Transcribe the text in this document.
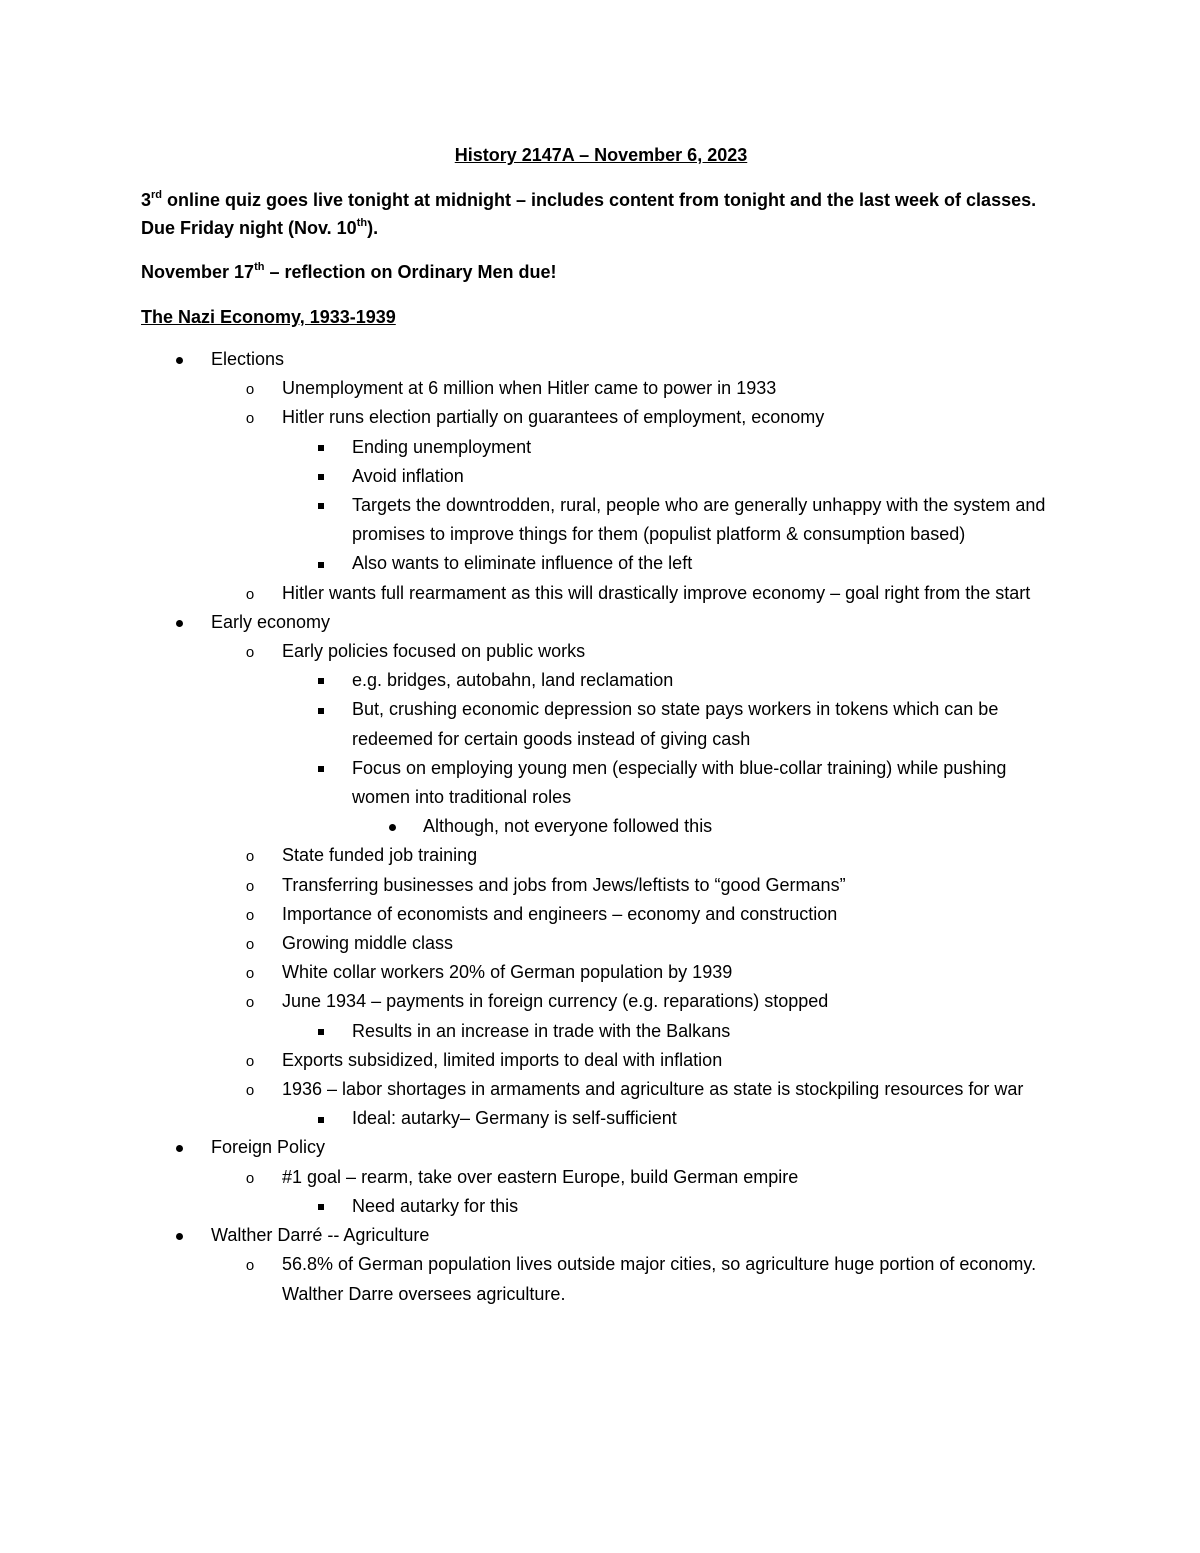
History 2147A – November 6, 2023

3rd online quiz goes live tonight at midnight – includes content from tonight and the last week of classes. Due Friday night (Nov. 10th).

November 17th – reflection on Ordinary Men due!

The Nazi Economy, 1933-1939
Elections
o	Unemployment at 6 million when Hitler came to power in 1933
o	Hitler runs election partially on guarantees of employment, economy
Ending unemployment
Avoid inflation
Targets the downtrodden, rural, people who are generally unhappy with the system and promises to improve things for them (populist platform & consumption based)
Also wants to eliminate influence of the left
o	Hitler wants full rearmament as this will drastically improve economy – goal right from the start
Early economy
o	Early policies focused on public works
e.g. bridges, autobahn, land reclamation
But, crushing economic depression so state pays workers in tokens which can be redeemed for certain goods instead of giving cash
Focus on employing young men (especially with blue-collar training) while pushing women into traditional roles
Although, not everyone followed this
o	State funded job training
o	Transferring businesses and jobs from Jews/leftists to “good Germans”
o	Importance of economists and engineers – economy and construction
o	Growing middle class
o	White collar workers 20% of German population by 1939
o	June 1934 – payments in foreign currency (e.g. reparations) stopped
Results in an increase in trade with the Balkans
o	Exports subsidized, limited imports to deal with inflation
o	1936 – labor shortages in armaments and agriculture as state is stockpiling resources for war
Ideal: autarky– Germany is self-sufficient
Foreign Policy
o	#1 goal – rearm, take over eastern Europe, build German empire
Need autarky for this
Walther Darré -- Agriculture
o	56.8% of German population lives outside major cities, so agriculture huge portion of economy. Walther Darre oversees agriculture.
